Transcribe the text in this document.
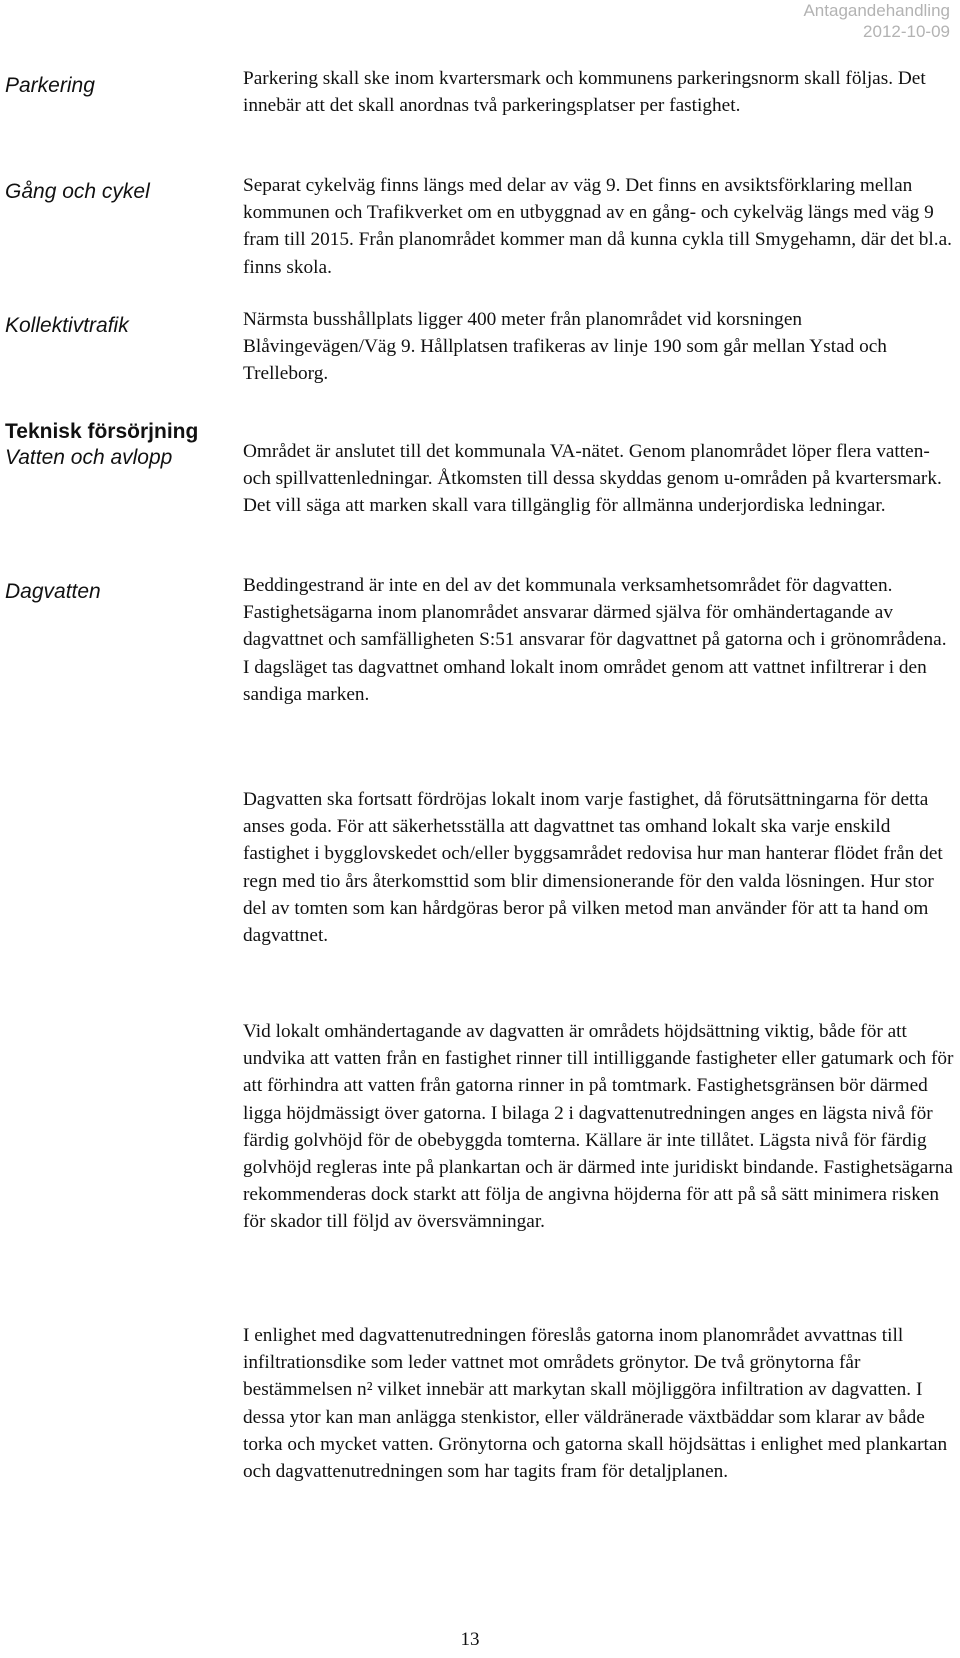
Antagandehandling
2012-10-09
Parkering	Parkering skall ske inom kvartersmark och kommunens parkeringsnorm skall följas. Det innebär att det skall anordnas två parkeringsplatser per fastighet.

Gång och cykel	Separat cykelväg finns längs med delar av väg 9. Det finns en avsiktsförklaring mellan kommunen och Trafikverket om en utbyggnad av en gång- och cykelväg längs med väg 9 fram till 2015. Från planområdet kommer man då kunna cykla till Smygehamn, där det bl.a. finns skola.

Kollektivtrafik	Närmsta busshållplats ligger 400 meter från planområdet vid korsningen Blåvingevägen/Väg 9. Hållplatsen trafikeras av linje 190 som går mellan Ystad och Trelleborg.

Teknisk försörjning
Vatten och avlopp	Området är anslutet till det kommunala VA-nätet. Genom planområdet löper flera vatten- och spillvattenledningar. Åtkomsten till dessa skyddas genom u-områden på kvartersmark. Det vill säga att marken skall vara tillgänglig för allmänna underjordiska ledningar.

Dagvatten	Beddingestrand är inte en del av det kommunala verksamhetsområdet för dagvatten. Fastighetsägarna inom planområdet ansvarar därmed själva för omhändertagande av dagvattnet och samfälligheten S:51 ansvarar för dagvattnet på gatorna och i grönområdena. I dagsläget tas dagvattnet omhand lokalt inom området genom att vattnet infiltrerar i den sandiga marken.

Dagvatten ska fortsatt fördröjas lokalt inom varje fastighet, då förutsättningarna för detta anses goda. För att säkerhetsställa att dagvattnet tas omhand lokalt ska varje enskild fastighet i bygglovskedet och/eller byggsamrådet redovisa hur man hanterar flödet från det regn med tio års återkomsttid som blir dimensionerande för den valda lösningen. Hur stor del av tomten som kan hårdgöras beror på vilken metod man använder för att ta hand om dagvattnet.

Vid lokalt omhändertagande av dagvatten är områdets höjdsättning viktig, både för att undvika att vatten från en fastighet rinner till intilliggande fastigheter eller gatumark och för att förhindra att vatten från gatorna rinner in på tomtmark. Fastighetsgränsen bör därmed ligga höjdmässigt över gatorna. I bilaga 2 i dagvattenutredningen anges en lägsta nivå för färdig golvhöjd för de obebyggda tomterna. Källare är inte tillåtet. Lägsta nivå för färdig golvhöjd regleras inte på plankartan och är därmed inte juridiskt bindande. Fastighetsägarna rekommenderas dock starkt att följa de angivna höjderna för att på så sätt minimera risken för skador till följd av översvämningar.

I enlighet med dagvattenutredningen föreslås gatorna inom planområdet avvattnas till infiltrationsdike som leder vattnet mot områdets grönytor. De två grönytorna får bestämmelsen n² vilket innebär att markytan skall möjliggöra infiltration av dagvatten. I dessa ytor kan man anlägga stenkistor, eller väldränerade växtbäddar som klarar av både torka och mycket vatten. Grönytorna och gatorna skall höjdsättas i enlighet med plankartan och dagvattenutredningen som har tagits fram för detaljplanen.

13
